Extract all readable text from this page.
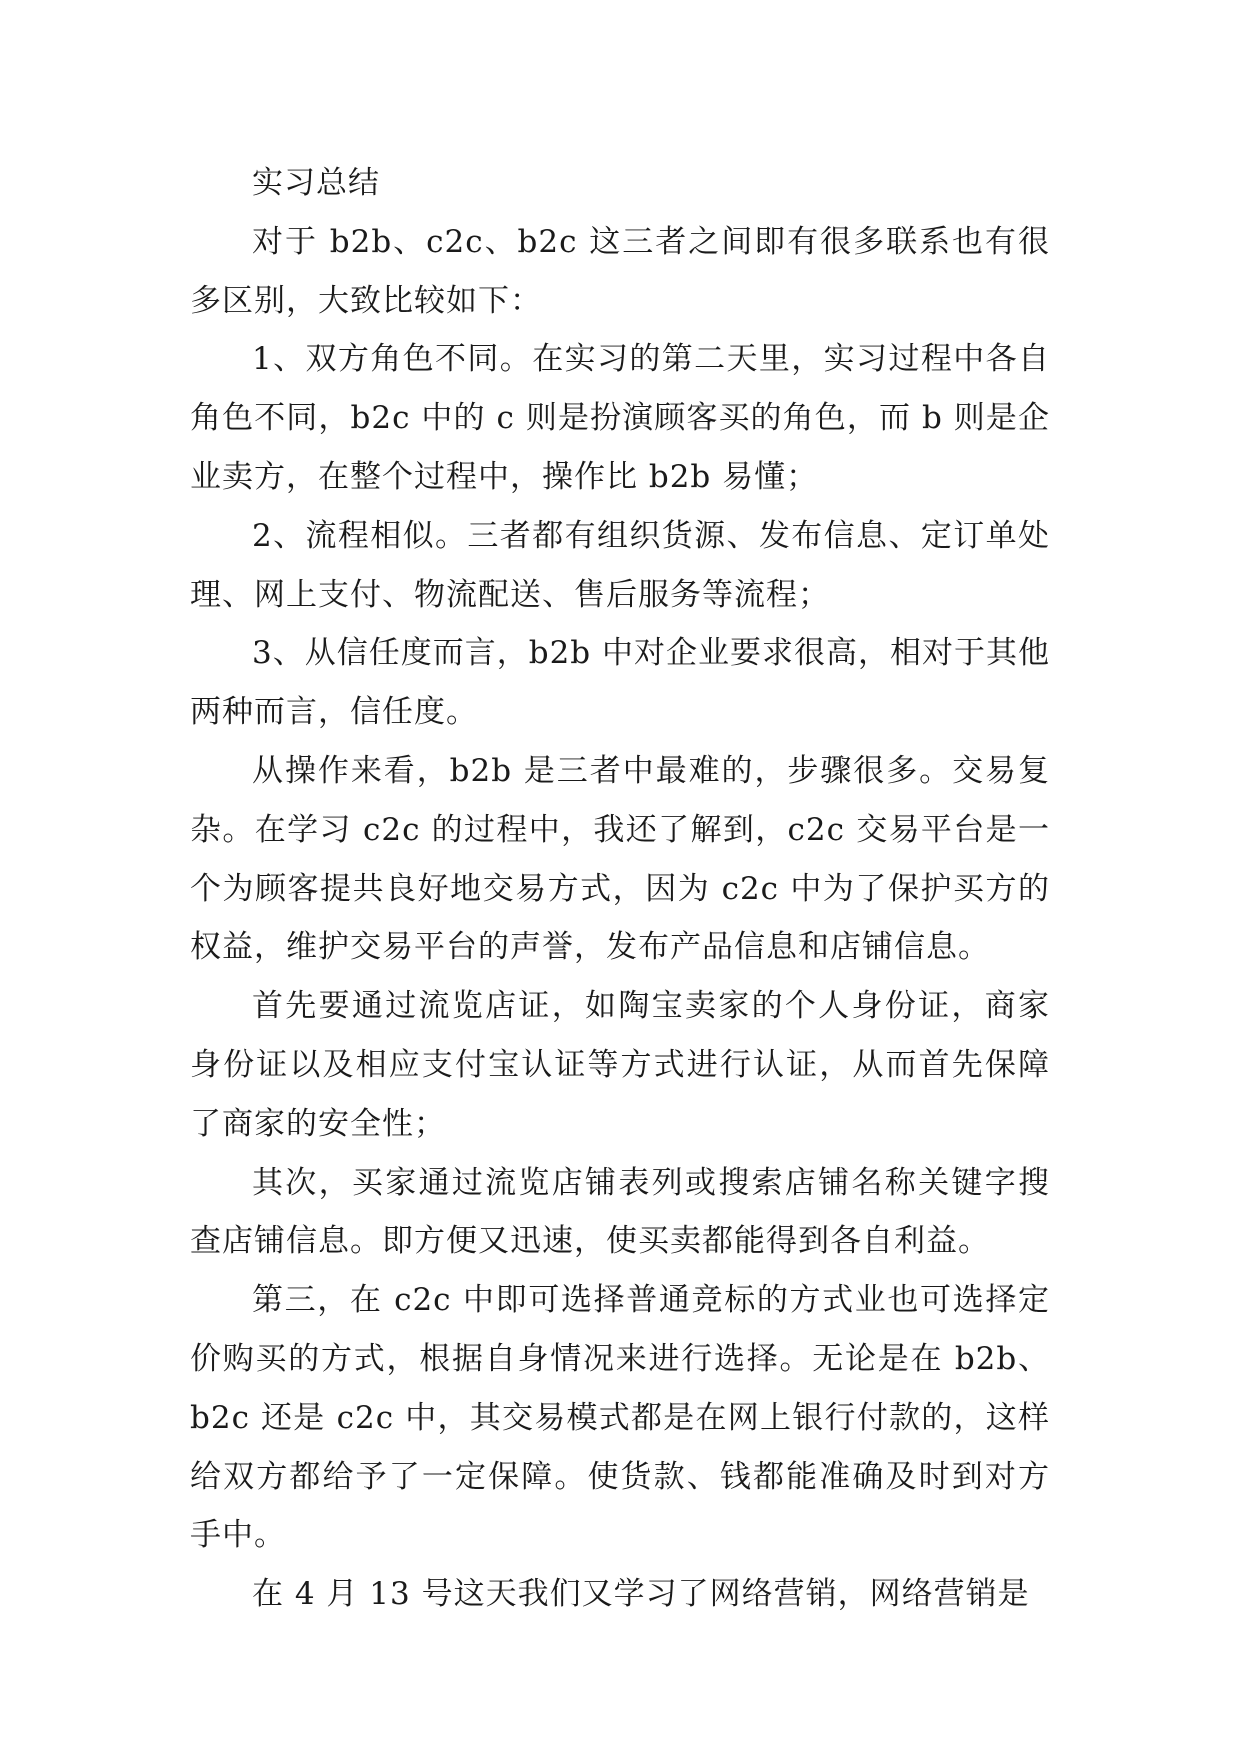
实习总结

对于 b2b、c2c、b2c 这三者之间即有很多联系也有很多区别，大致比较如下：

1、双方角色不同。在实习的第二天里，实习过程中各自角色不同，b2c 中的 c 则是扮演顾客买的角色，而 b 则是企业卖方，在整个过程中，操作比 b2b 易懂；

2、流程相似。三者都有组织货源、发布信息、定订单处理、网上支付、物流配送、售后服务等流程；

3、从信任度而言，b2b 中对企业要求很高，相对于其他两种而言，信任度。

从操作来看，b2b 是三者中最难的，步骤很多。交易复杂。在学习 c2c 的过程中，我还了解到，c2c 交易平台是一个为顾客提共良好地交易方式，因为 c2c 中为了保护买方的权益，维护交易平台的声誉，发布产品信息和店铺信息。

首先要通过流览店证，如陶宝卖家的个人身份证，商家身份证以及相应支付宝认证等方式进行认证，从而首先保障了商家的安全性；

其次，买家通过流览店铺表列或搜索店铺名称关键字搜查店铺信息。即方便又迅速，使买卖都能得到各自利益。

第三，在 c2c 中即可选择普通竞标的方式业也可选择定价购买的方式，根据自身情况来进行选择。无论是在 b2b、b2c 还是 c2c 中，其交易模式都是在网上银行付款的，这样给双方都给予了一定保障。使货款、钱都能准确及时到对方手中。

在 4 月 13 号这天我们又学习了网络营销，网络营销是
